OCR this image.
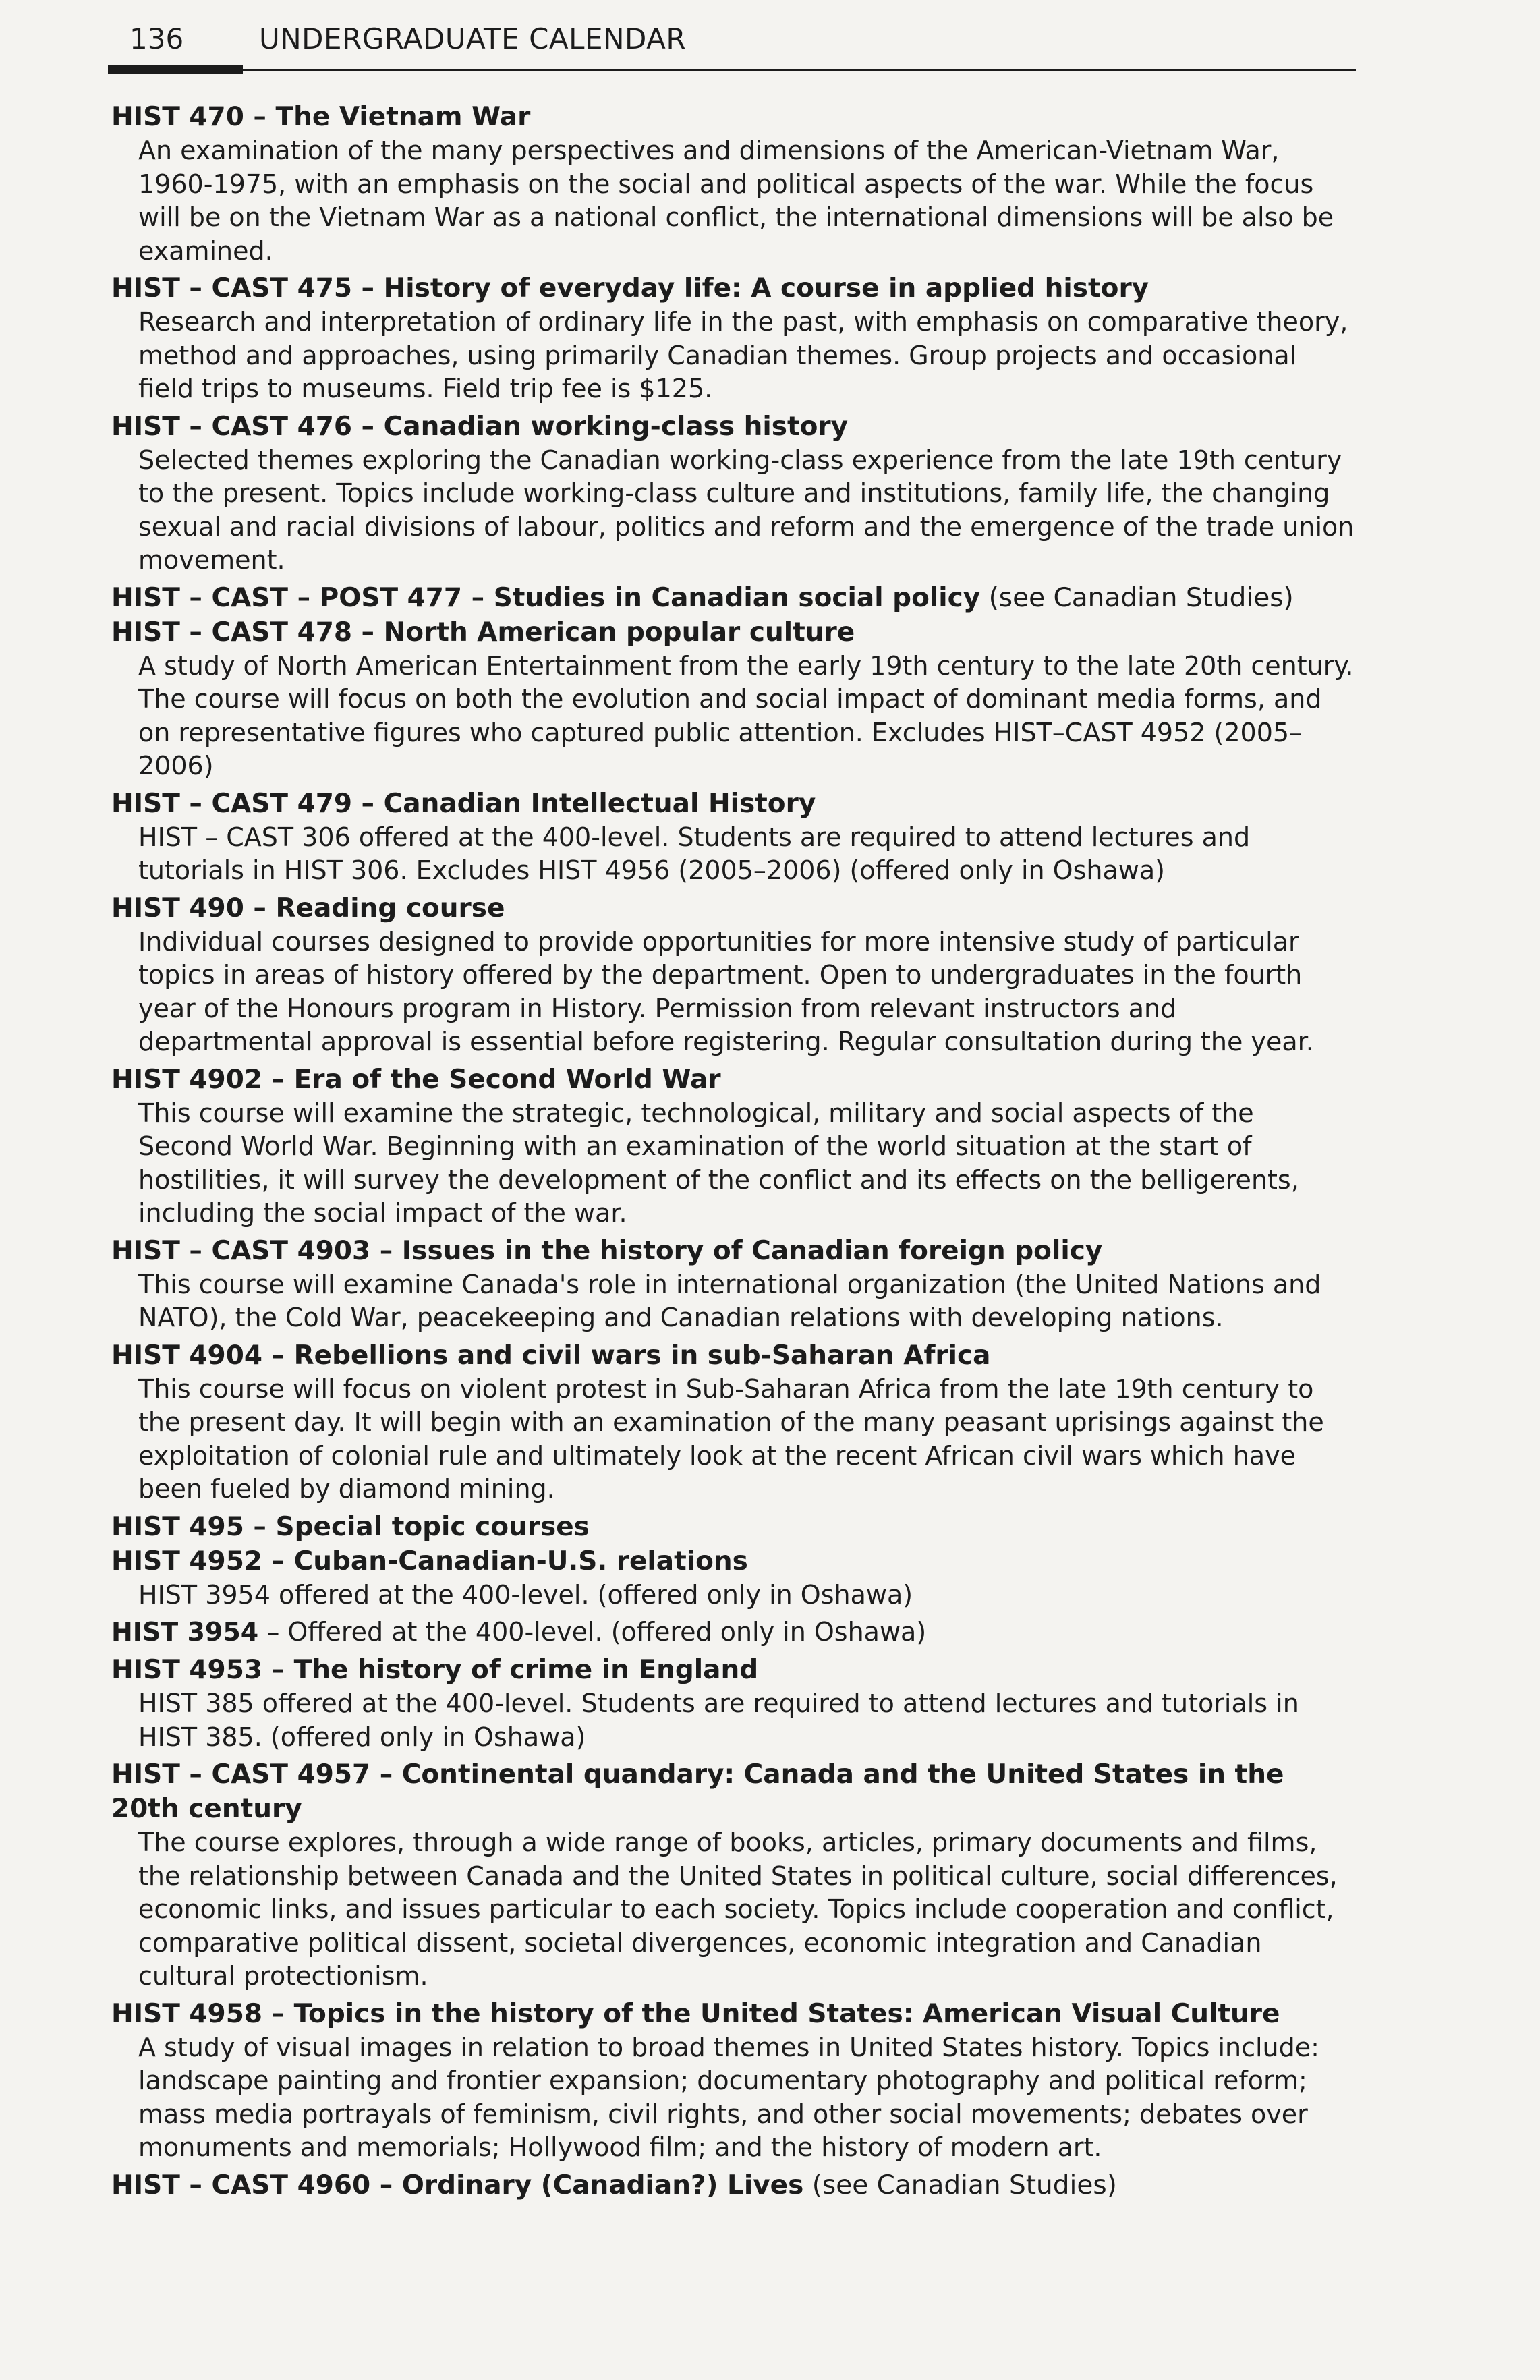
136	UNDERGRADUATE CALENDAR

HIST 470 – The Vietnam War

An examination of the many perspectives and dimensions of the American-Vietnam War, 1960-1975, with an emphasis on the social and political aspects of the war. While the focus will be on the Vietnam War as a national conflict, the international dimensions will be also be examined.

HIST – CAST 475 – History of everyday life: A course in applied history

Research and interpretation of ordinary life in the past, with emphasis on comparative theory, method and approaches, using primarily Canadian themes. Group projects and occasional field trips to museums. Field trip fee is $125.

HIST – CAST 476 – Canadian working-class history

Selected themes exploring the Canadian working-class experience from the late 19th century to the present. Topics include working-class culture and institutions, family life, the changing sexual and racial divisions of labour, politics and reform and the emergence of the trade union movement.

HIST – CAST – POST 477 – Studies in Canadian social policy (see Canadian Studies)

HIST – CAST 478 – North American popular culture

A study of North American Entertainment from the early 19th century to the late 20th century. The course will focus on both the evolution and social impact of dominant media forms, and on representative figures who captured public attention. Excludes HIST–CAST 4952 (2005–2006)

HIST – CAST 479 – Canadian Intellectual History

HIST – CAST 306 offered at the 400-level. Students are required to attend lectures and tutorials in HIST 306. Excludes HIST 4956 (2005–2006) (offered only in Oshawa)

HIST 490 – Reading course

Individual courses designed to provide opportunities for more intensive study of particular topics in areas of history offered by the department. Open to undergraduates in the fourth year of the Honours program in History. Permission from relevant instructors and departmental approval is essential before registering. Regular consultation during the year.

HIST 4902 – Era of the Second World War

This course will examine the strategic, technological, military and social aspects of the Second World War. Beginning with an examination of the world situation at the start of hostilities, it will survey the development of the conflict and its effects on the belligerents, including the social impact of the war.

HIST – CAST 4903 – Issues in the history of Canadian foreign policy

This course will examine Canada's role in international organization (the United Nations and NATO), the Cold War, peacekeeping and Canadian relations with developing nations.

HIST 4904 – Rebellions and civil wars in sub-Saharan Africa

This course will focus on violent protest in Sub-Saharan Africa from the late 19th century to the present day. It will begin with an examination of the many peasant uprisings against the exploitation of colonial rule and ultimately look at the recent African civil wars which have been fueled by diamond mining.

HIST 495 – Special topic courses

HIST 4952 – Cuban-Canadian-U.S. relations

HIST 3954 offered at the 400-level. (offered only in Oshawa)

HIST 3954 – Offered at the 400-level. (offered only in Oshawa)

HIST 4953 – The history of crime in England

HIST 385 offered at the 400-level. Students are required to attend lectures and tutorials in HIST 385. (offered only in Oshawa)

HIST – CAST 4957 – Continental quandary: Canada and the United States in the 20th century

The course explores, through a wide range of books, articles, primary documents and films, the relationship between Canada and the United States in political culture, social differences, economic links, and issues particular to each society. Topics include cooperation and conflict, comparative political dissent, societal divergences, economic integration and Canadian cultural protectionism.

HIST 4958 – Topics in the history of the United States: American Visual Culture

A study of visual images in relation to broad themes in United States history. Topics include: landscape painting and frontier expansion; documentary photography and political reform; mass media portrayals of feminism, civil rights, and other social movements; debates over monuments and memorials; Hollywood film; and the history of modern art.

HIST – CAST 4960 – Ordinary (Canadian?) Lives (see Canadian Studies)
